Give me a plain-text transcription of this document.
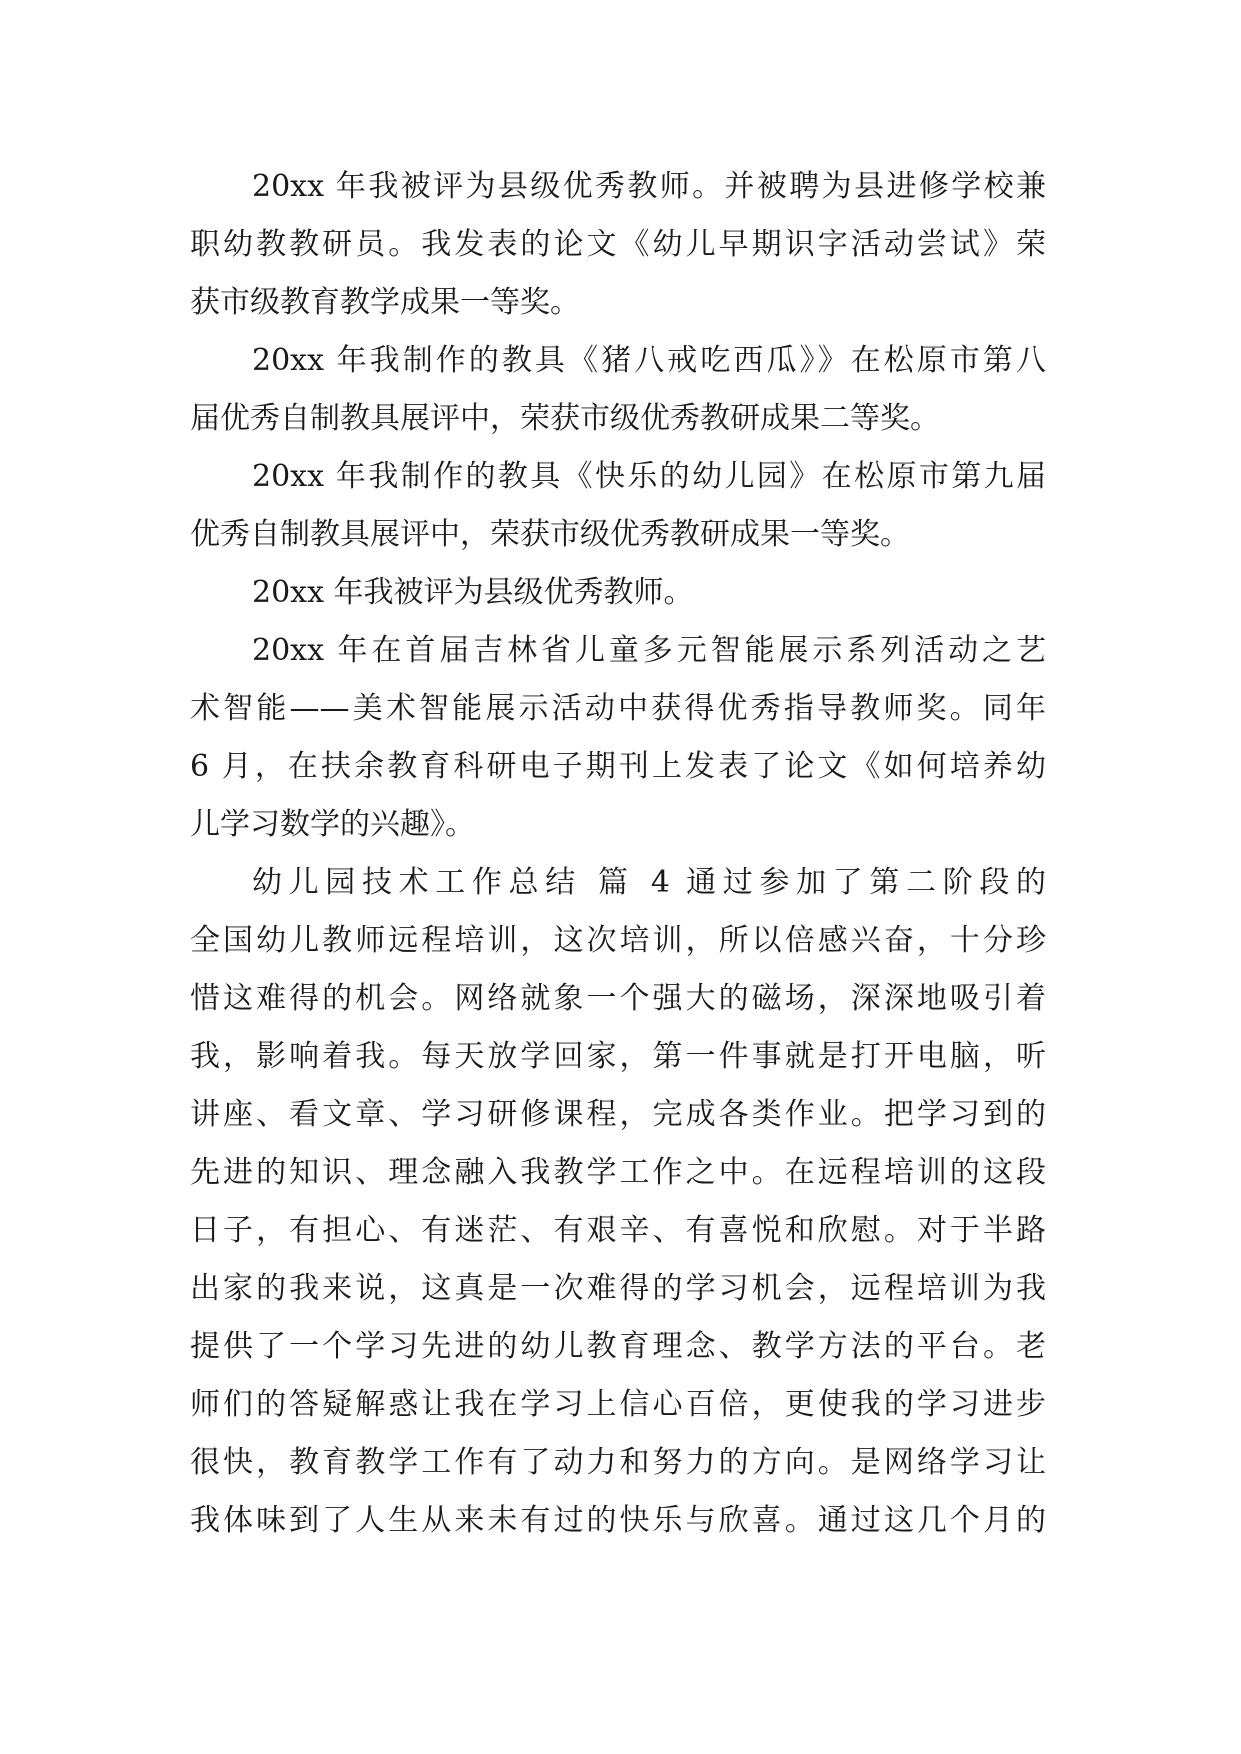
20xx 年我被评为县级优秀教师。并被聘为县进修学校兼
职幼教教研员。我发表的论文《幼儿早期识字活动尝试》荣
获市级教育教学成果一等奖。
20xx 年我制作的教具《猪八戒吃西瓜》》在松原市第八
届优秀自制教具展评中，荣获市级优秀教研成果二等奖。
20xx 年我制作的教具《快乐的幼儿园》在松原市第九届
优秀自制教具展评中，荣获市级优秀教研成果一等奖。
20xx 年我被评为县级优秀教师。
20xx 年在首届吉林省儿童多元智能展示系列活动之艺
术智能——美术智能展示活动中获得优秀指导教师奖。同年
6 月，在扶余教育科研电子期刊上发表了论文《如何培养幼
儿学习数学的兴趣》。
幼儿园技术工作总结 篇 4 通过参加了第二阶段的
全国幼儿教师远程培训，这次培训，所以倍感兴奋，十分珍
惜这难得的机会。网络就象一个强大的磁场，深深地吸引着
我，影响着我。每天放学回家，第一件事就是打开电脑，听
讲座、看文章、学习研修课程，完成各类作业。把学习到的
先进的知识、理念融入我教学工作之中。在远程培训的这段
日子，有担心、有迷茫、有艰辛、有喜悦和欣慰。对于半路
出家的我来说，这真是一次难得的学习机会，远程培训为我
提供了一个学习先进的幼儿教育理念、教学方法的平台。老
师们的答疑解惑让我在学习上信心百倍，更使我的学习进步
很快，教育教学工作有了动力和努力的方向。是网络学习让
我体味到了人生从来未有过的快乐与欣喜。通过这几个月的
